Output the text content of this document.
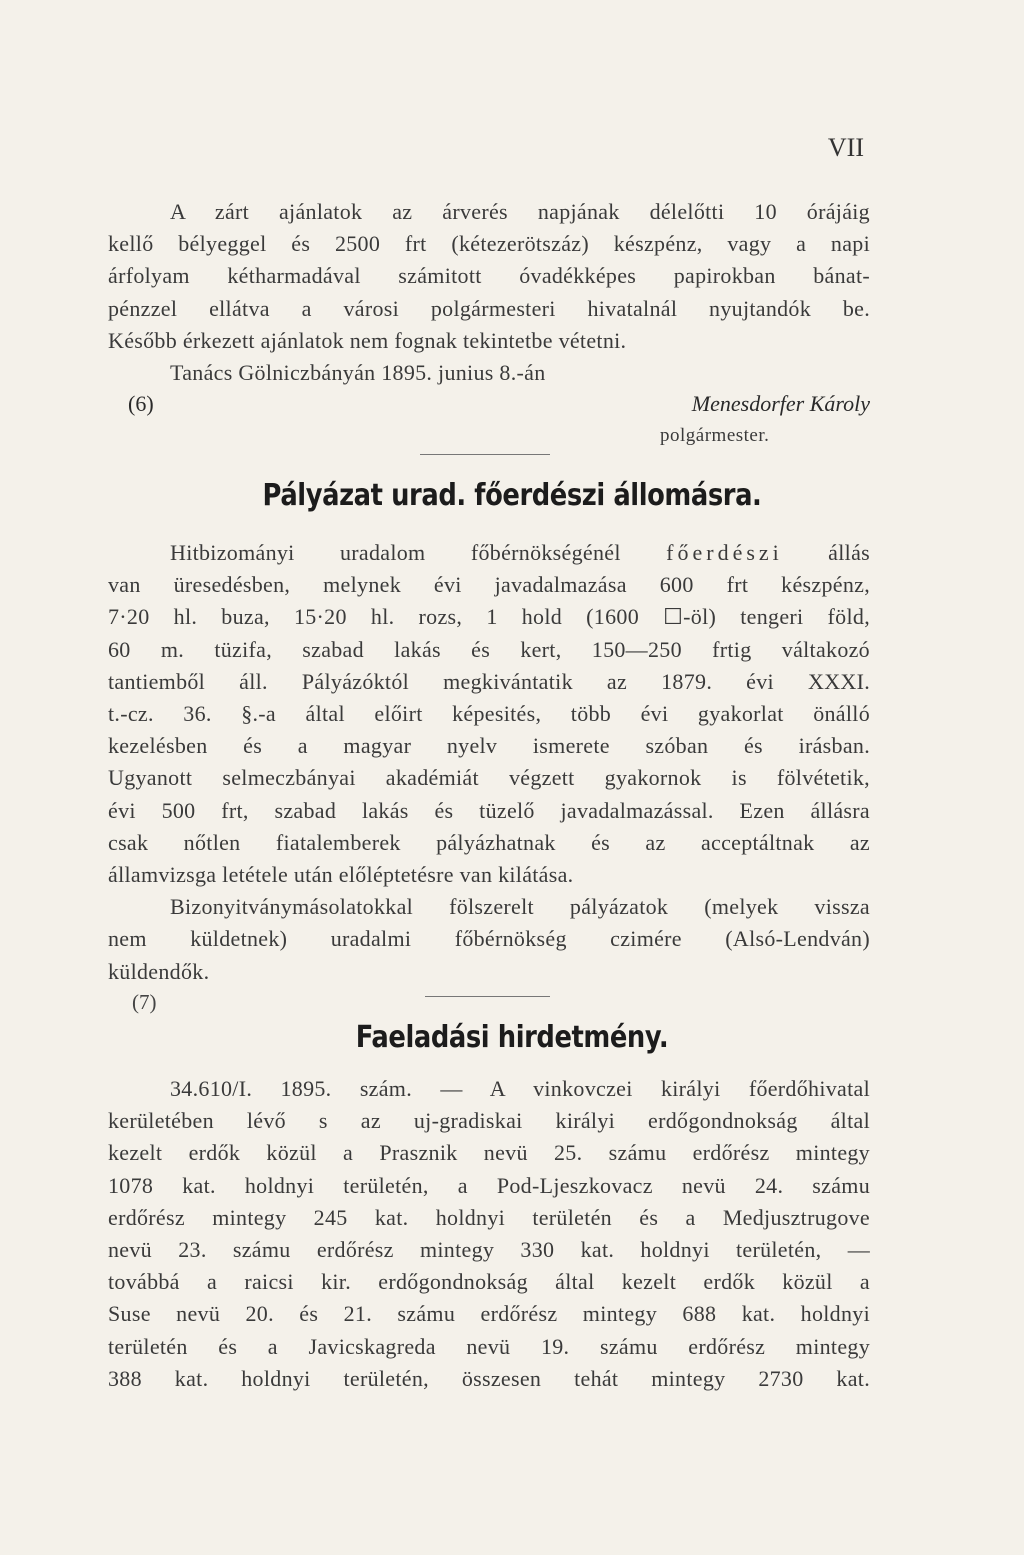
VII

A zárt ajánlatok az árverés napjának délelőtti 10 órájáig

kellő bélyeggel és 2500 frt (kétezerötszáz) készpénz, vagy a napi

árfolyam kétharmadával számitott óvadékképes papirokban bánat-

pénzzel ellátva a városi polgármesteri hivatalnál nyujtandók be.

Később érkezett ajánlatok nem fognak tekintetbe vétetni.

Tanács Gölniczbányán 1895. junius 8.-án

(6)	Menesdorfer Károly
polgármester.
Pályázat urad. főerdészi állomásra.

Hitbizományi uradalom főbérnökségénél főerdészi állás

van üresedésben, melynek évi javadalmazása 600 frt készpénz,

7·20 hl. buza, 15·20 hl. rozs, 1 hold (1600 ☐-öl) tengeri föld,

60 m. tüzifa, szabad lakás és kert, 150—250 frtig váltakozó

tantiemből áll. Pályázóktól megkivántatik az 1879. évi XXXI.

t.-cz. 36. §.-a által előirt képesités, több évi gyakorlat önálló

kezelésben és a magyar nyelv ismerete szóban és irásban.

Ugyanott selmeczbányai akadémiát végzett gyakornok is fölvétetik,

évi 500 frt, szabad lakás és tüzelő javadalmazással. Ezen állásra

csak nőtlen fiatalemberek pályázhatnak és az acceptáltnak az

államvizsga letétele után előléptetésre van kilátása.

Bizonyitványmásolatokkal fölszerelt pályázatok (melyek vissza

nem küldetnek) uradalmi főbérnökség czimére (Alsó-Lendván)

küldendők.

(7)
Faeladási hirdetmény.

34.610/I. 1895. szám. — A vinkovczei királyi főerdőhivatal

kerületében lévő s az uj-gradiskai királyi erdőgondnokság által

kezelt erdők közül a Prasznik nevü 25. számu erdőrész mintegy

1078 kat. holdnyi területén, a Pod-Ljeszkovacz nevü 24. számu

erdőrész mintegy 245 kat. holdnyi területén és a Medjusztrugove

nevü 23. számu erdőrész mintegy 330 kat. holdnyi területén, —

továbbá a raicsi kir. erdőgondnokság által kezelt erdők közül a

Suse nevü 20. és 21. számu erdőrész mintegy 688 kat. holdnyi

területén és a Javicskagreda nevü 19. számu erdőrész mintegy

388 kat. holdnyi területén, összesen tehát mintegy 2730 kat.
